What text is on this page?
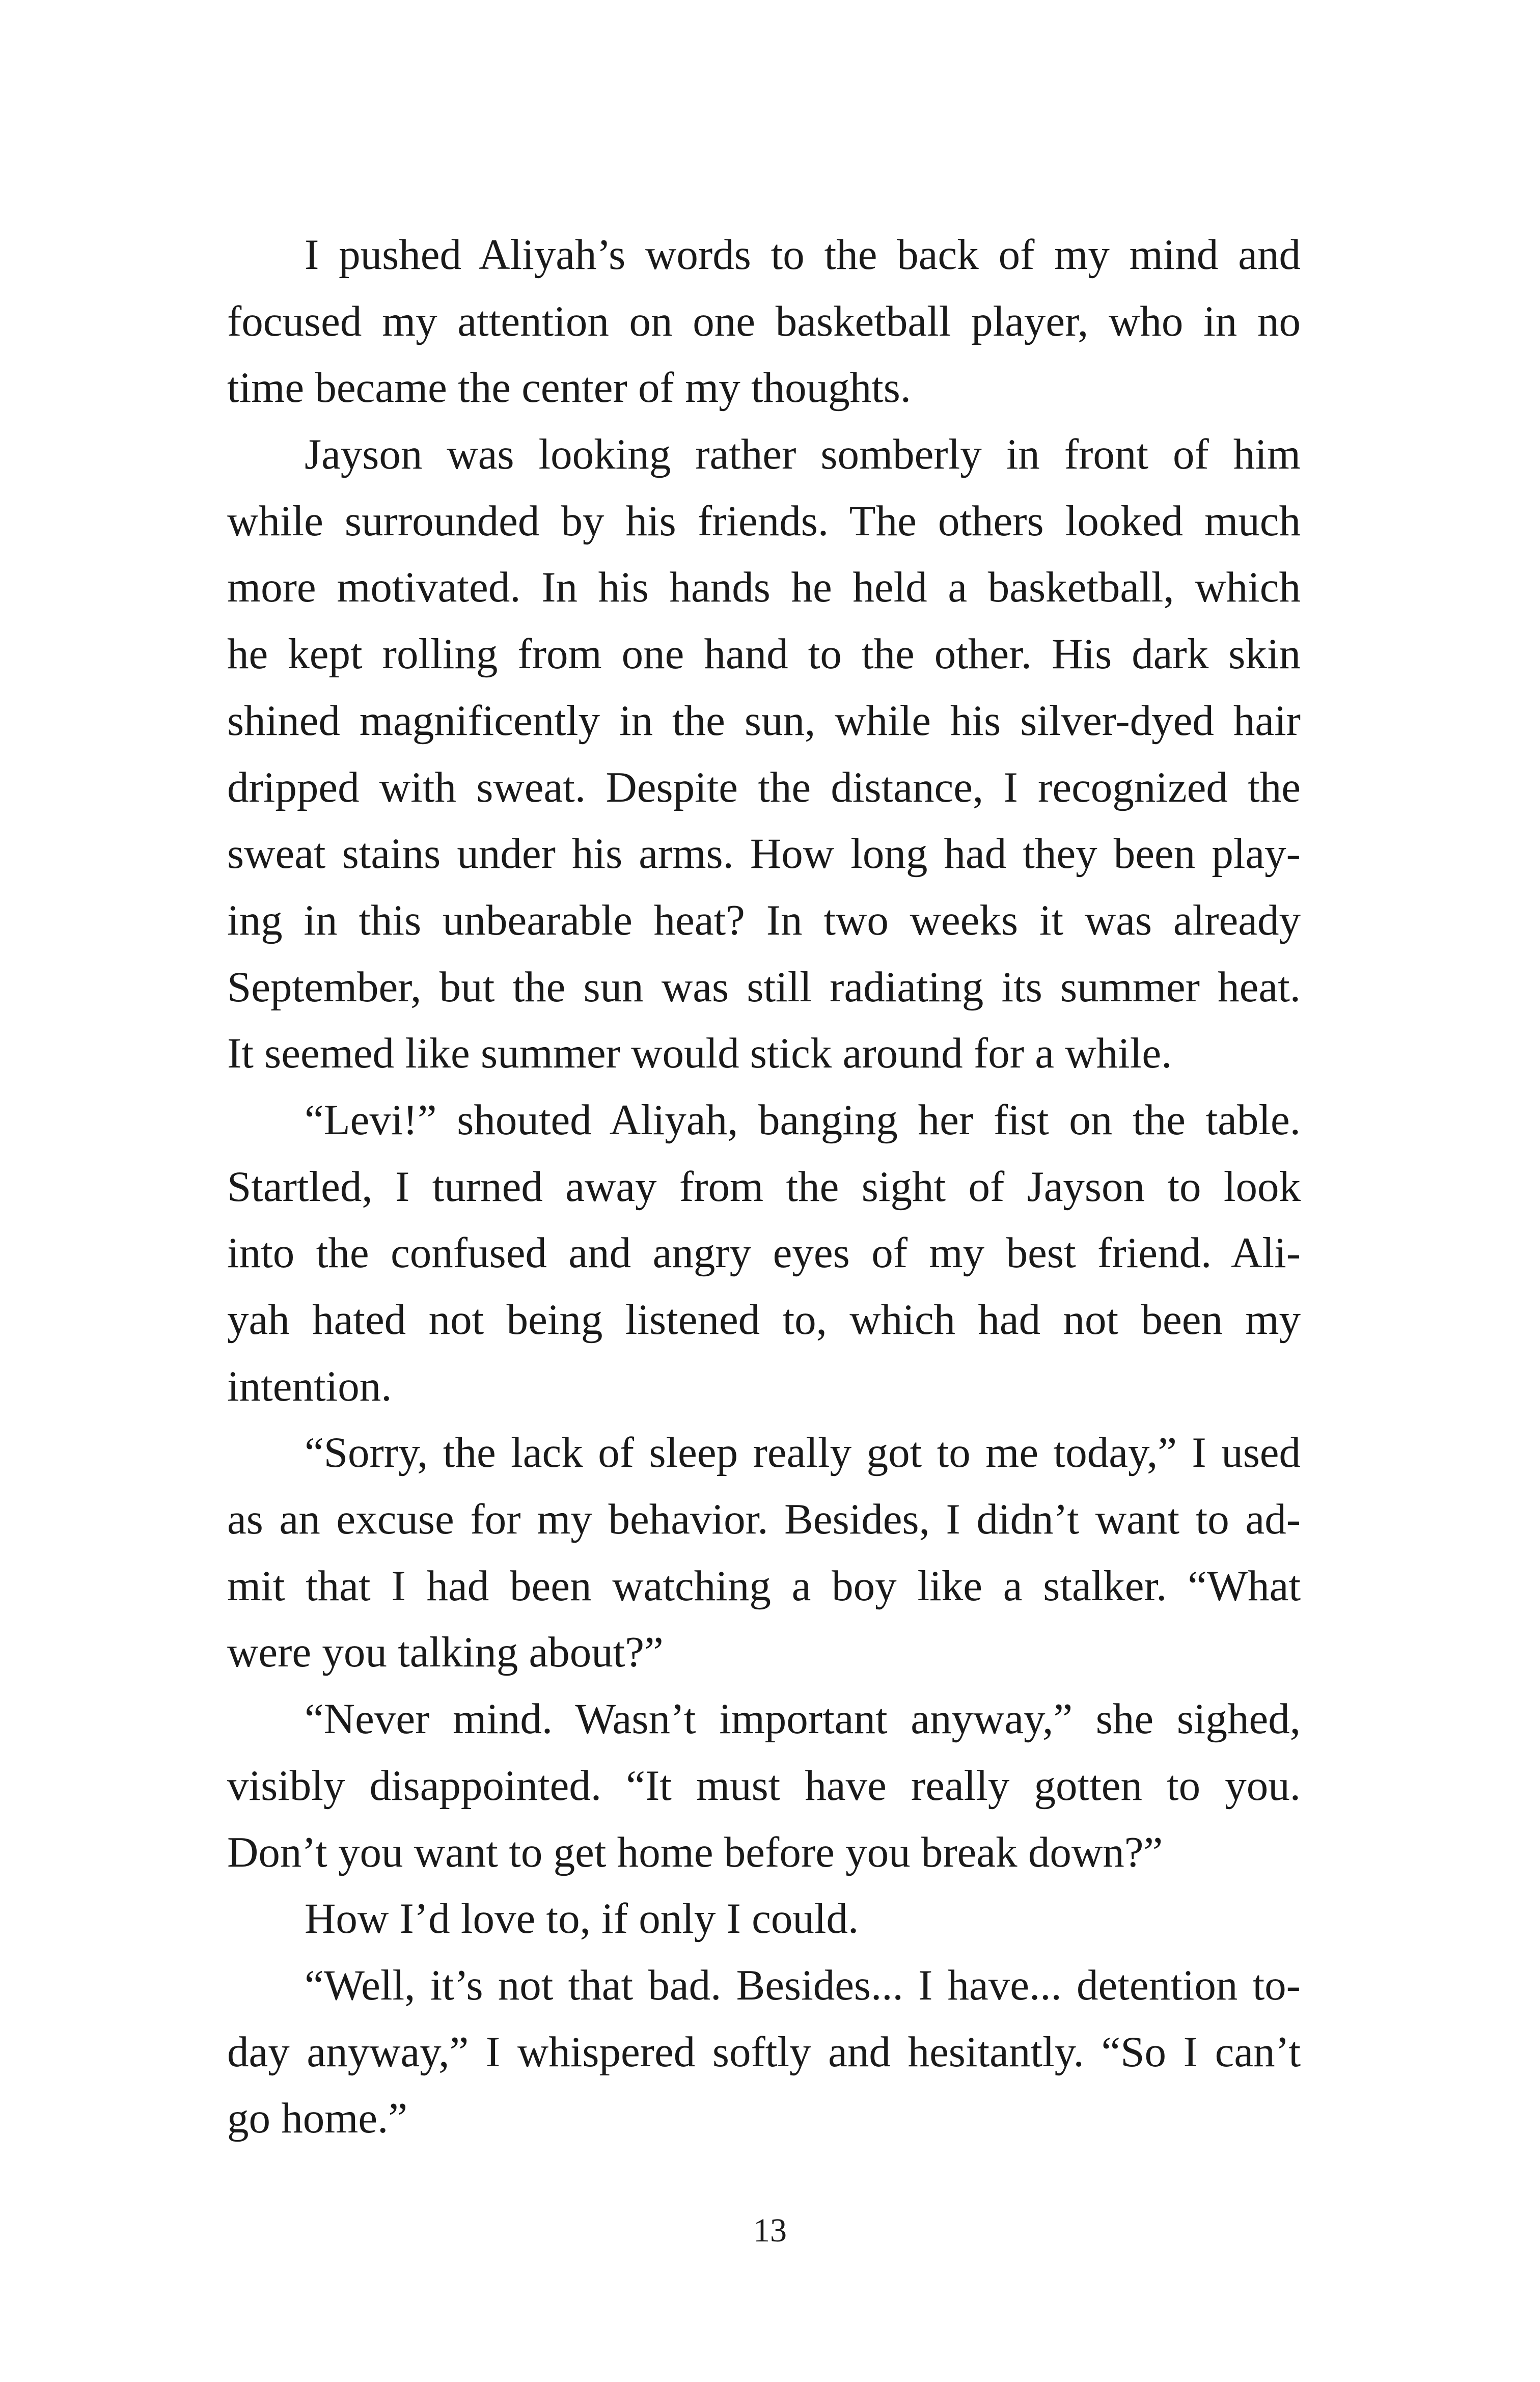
I pushed Aliyah’s words to the back of my mind and
focused my attention on one basketball player, who in no
time became the center of my thoughts.
Jayson was looking rather somberly in front of him
while surrounded by his friends. The others looked much
more motivated. In his hands he held a basketball, which
he kept rolling from one hand to the other. His dark skin
shined magnificently in the sun, while his silver-dyed hair
dripped with sweat. Despite the distance, I recognized the
sweat stains under his arms. How long had they been play-
ing in this unbearable heat? In two weeks it was already
September, but the sun was still radiating its summer heat.
It seemed like summer would stick around for a while.
“Levi!” shouted Aliyah, banging her fist on the table.
Startled, I turned away from the sight of Jayson to look
into the confused and angry eyes of my best friend. Ali-
yah hated not being listened to, which had not been my
intention.
“Sorry, the lack of sleep really got to me today,” I used
as an excuse for my behavior. Besides, I didn’t want to ad-
mit that I had been watching a boy like a stalker. “What
were you talking about?”
“Never mind. Wasn’t important anyway,” she sighed,
visibly disappointed. “It must have really gotten to you.
Don’t you want to get home before you break down?”
How I’d love to, if only I could.
“Well, it’s not that bad. Besides... I have... detention to-
day anyway,” I whispered softly and hesitantly. “So I can’t
go home.”
13
